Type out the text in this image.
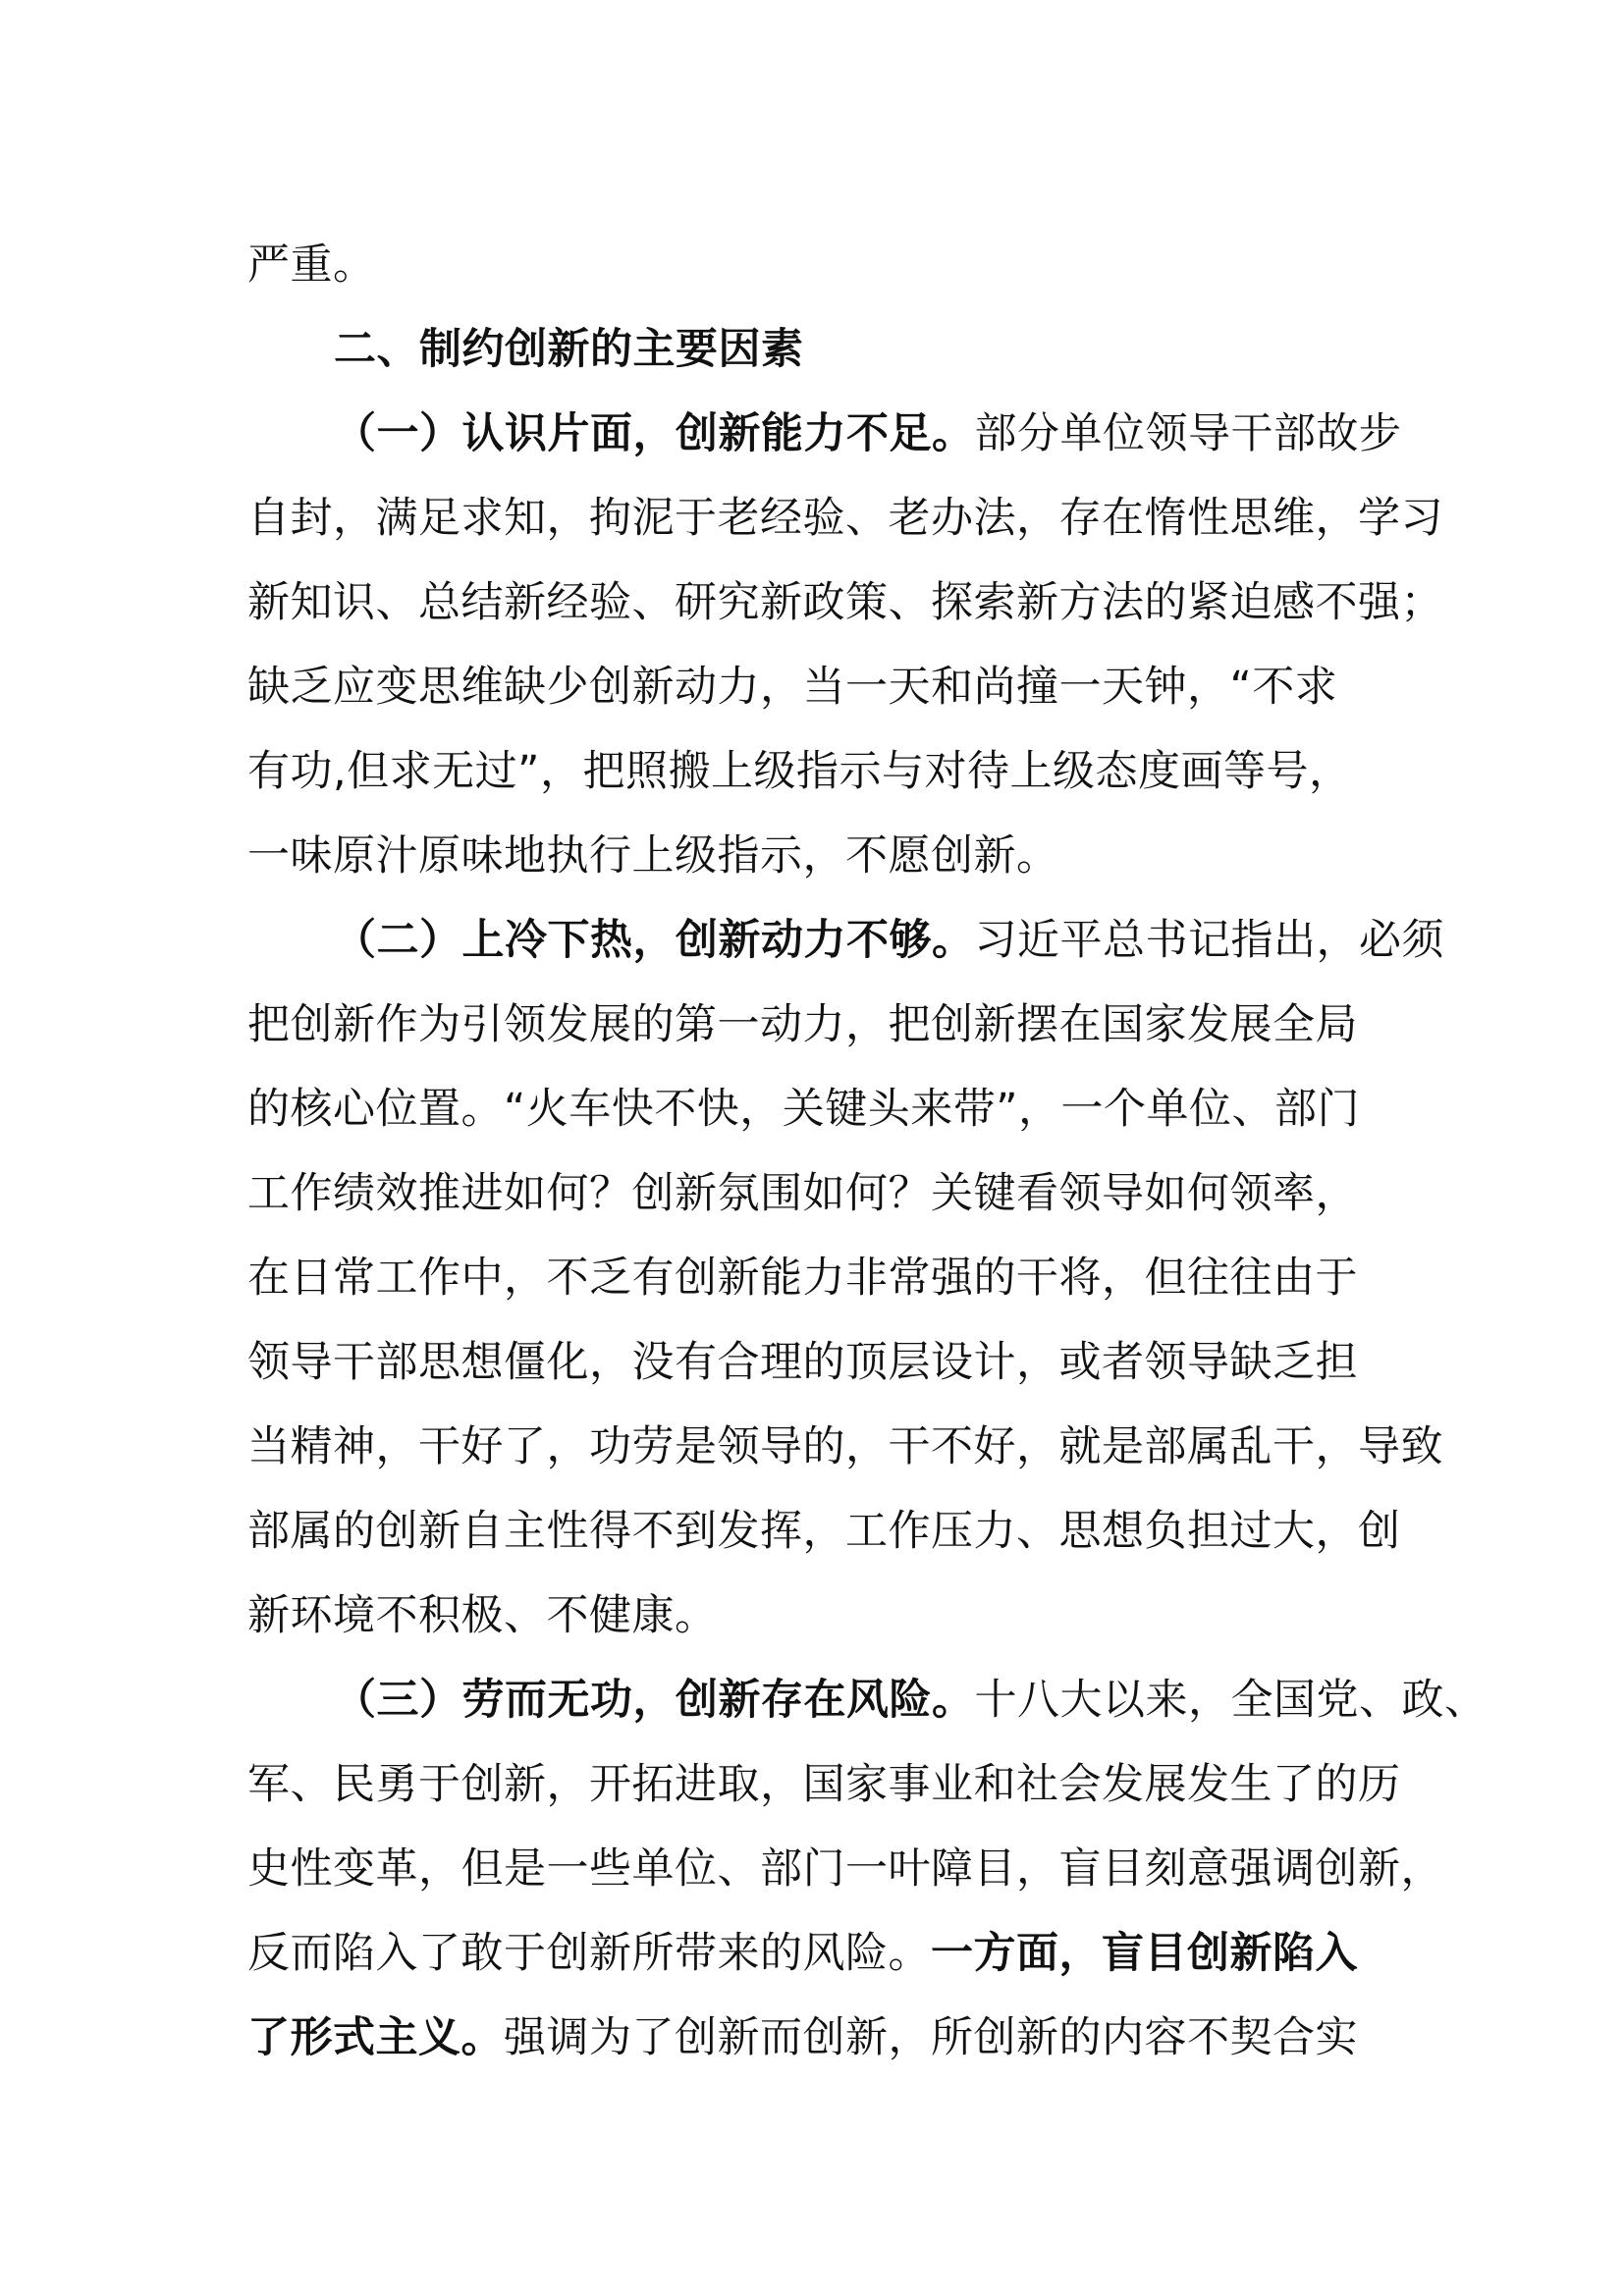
严重。
二、制约创新的主要因素
（一）认识片面，创新能力不足。部分单位领导干部故步
自封，满足求知，拘泥于老经验、老办法，存在惰性思维，学习
新知识、总结新经验、研究新政策、探索新方法的紧迫感不强；
缺乏应变思维缺少创新动力，当一天和尚撞一天钟，“不求
有功,但求无过”，把照搬上级指示与对待上级态度画等号，
一味原汁原味地执行上级指示，不愿创新。
（二）上冷下热，创新动力不够。习近平总书记指出，必须
把创新作为引领发展的第一动力，把创新摆在国家发展全局
的核心位置。“火车快不快，关键头来带”，一个单位、部门
工作绩效推进如何？创新氛围如何？关键看领导如何领率，
在日常工作中，不乏有创新能力非常强的干将，但往往由于
领导干部思想僵化，没有合理的顶层设计，或者领导缺乏担
当精神，干好了，功劳是领导的，干不好，就是部属乱干，导致
部属的创新自主性得不到发挥，工作压力、思想负担过大，创
新环境不积极、不健康。
（三）劳而无功，创新存在风险。十八大以来，全国党、政、
军、民勇于创新，开拓进取，国家事业和社会发展发生了的历
史性变革，但是一些单位、部门一叶障目，盲目刻意强调创新，
反而陷入了敢于创新所带来的风险。一方面，盲目创新陷入
了形式主义。强调为了创新而创新，所创新的内容不契合实
